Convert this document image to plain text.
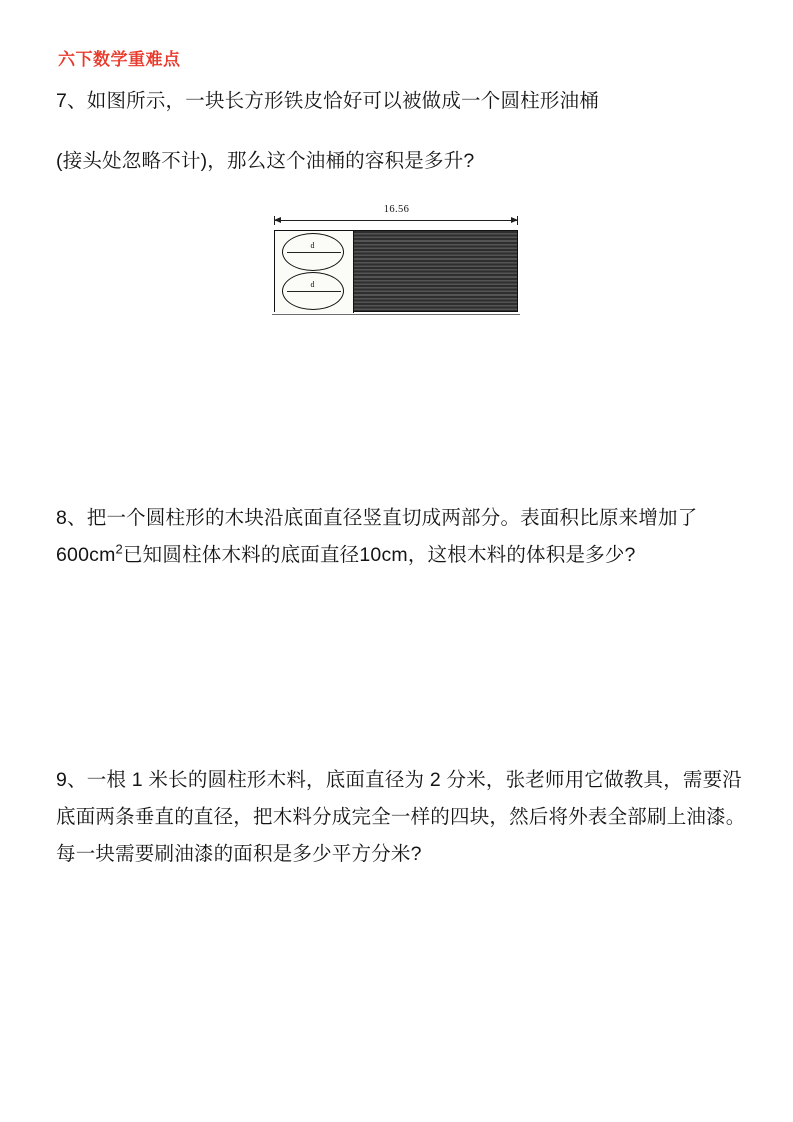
六下数学重难点

7、如图所示，一块长方形铁皮恰好可以被做成一个圆柱形油桶
(接头处忽略不计)，那么这个油桶的容积是多升?

16.56
d
d

8、把一个圆柱形的木块沿底面直径竖直切成两部分。表面积比原来增加了$600cm^2$已知圆柱体木料的底面直径10cm，这根木料的体积是多少?

9、一根 1 米长的圆柱形木料，底面直径为 2 分米，张老师用它做教具，需要沿底面两条垂直的直径，把木料分成完全一样的四块，然后将外表全部刷上油漆。每一块需要刷油漆的面积是多少平方分米?
